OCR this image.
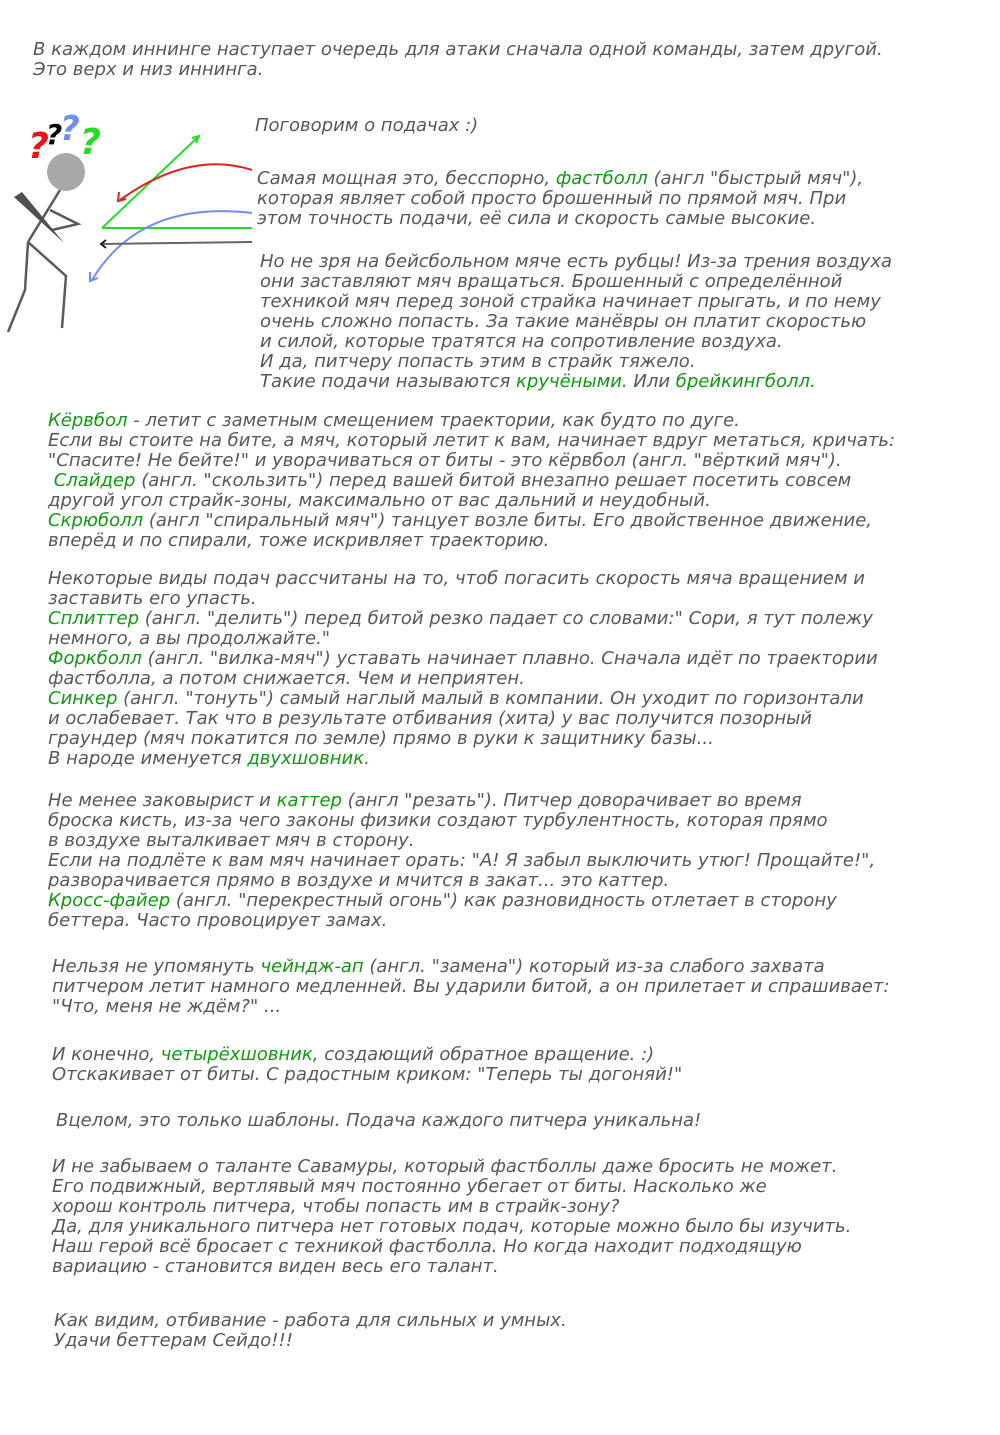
?
?
? ?
В каждом иннинге наступает очередь для атаки сначала одной команды, затем другой.
Это верх и низ иннинга.
Поговорим о подачах :)
Самая мощная это, бесспорно, фастболл (англ "быстрый мяч"),
которая являет собой просто брошенный по прямой мяч. При
этом точность подачи, её сила и скорость самые высокие.
Но не зря на бейсбольном мяче есть рубцы! Из-за трения воздуха
они заставляют мяч вращаться. Брошенный с определённой
техникой мяч перед зоной страйка начинает прыгать, и по нему
очень сложно попасть. За такие манёвры он платит скоростью
и силой, которые тратятся на сопротивление воздуха.
И да, питчеру попасть этим в страйк тяжело.
Такие подачи называются кручёными. Или брейкингболл.
Кёрвбол - летит с заметным смещением траектории, как будто по дуге.
Если вы стоите на бите, а мяч, который летит к вам, начинает вдруг метаться, кричать:
"Спасите! Не бейте!" и уворачиваться от биты - это кёрвбол (англ. "вёрткий мяч").
Слайдер (англ. "скользить") перед вашей битой внезапно решает посетить совсем
другой угол страйк-зоны, максимально от вас дальний и неудобный.
Скрюболл (англ "спиральный мяч") танцует возле биты. Его двойственное движение,
вперёд и по спирали, тоже искривляет траекторию.
Некоторые виды подач рассчитаны на то, чтоб погасить скорость мяча вращением и
заставить его упасть.
Сплиттер (англ. "делить") перед битой резко падает со словами:" Сори, я тут полежу
немного, а вы продолжайте."
Форкболл (англ. "вилка-мяч") уставать начинает плавно. Сначала идёт по траектории
фастболла, а потом снижается. Чем и неприятен.
Синкер (англ. "тонуть") самый наглый малый в компании. Он уходит по горизонтали
и ослабевает. Так что в результате отбивания (хита) у вас получится позорный
граундер (мяч покатится по земле) прямо в руки к защитнику базы...
В народе именуется двухшовник.
Не менее заковырист и каттер (англ "резать"). Питчер доворачивает во время
броска кисть, из-за чего законы физики создают турбулентность, которая прямо
в воздухе выталкивает мяч в сторону.
Если на подлёте к вам мяч начинает орать: "А! Я забыл выключить утюг! Прощайте!",
разворачивается прямо в воздухе и мчится в закат... это каттер.
Кросс-файер (англ. "перекрестный огонь") как разновидность отлетает в сторону
беттера. Часто провоцирует замах.
Нельзя не упомянуть чейндж-ап (англ. "замена") который из-за слабого захвата
питчером летит намного медленней. Вы ударили битой, а он прилетает и спрашивает:
"Что, меня не ждём?" ...
И конечно, четырёхшовник, создающий обратное вращение. :)
Отскакивает от биты. С радостным криком: "Теперь ты догоняй!"
Вцелом, это только шаблоны. Подача каждого питчера уникальна!
И не забываем о таланте Савамуры, который фастболлы даже бросить не может.
Его подвижный, вертлявый мяч постоянно убегает от биты. Насколько же
хорош контроль питчера, чтобы попасть им в страйк-зону?
Да, для уникального питчера нет готовых подач, которые можно было бы изучить.
Наш герой всё бросает с техникой фастболла. Но когда находит подходящую
вариацию - становится виден весь его талант.
Как видим, отбивание - работа для сильных и умных.
Удачи беттерам Сейдо!!!
